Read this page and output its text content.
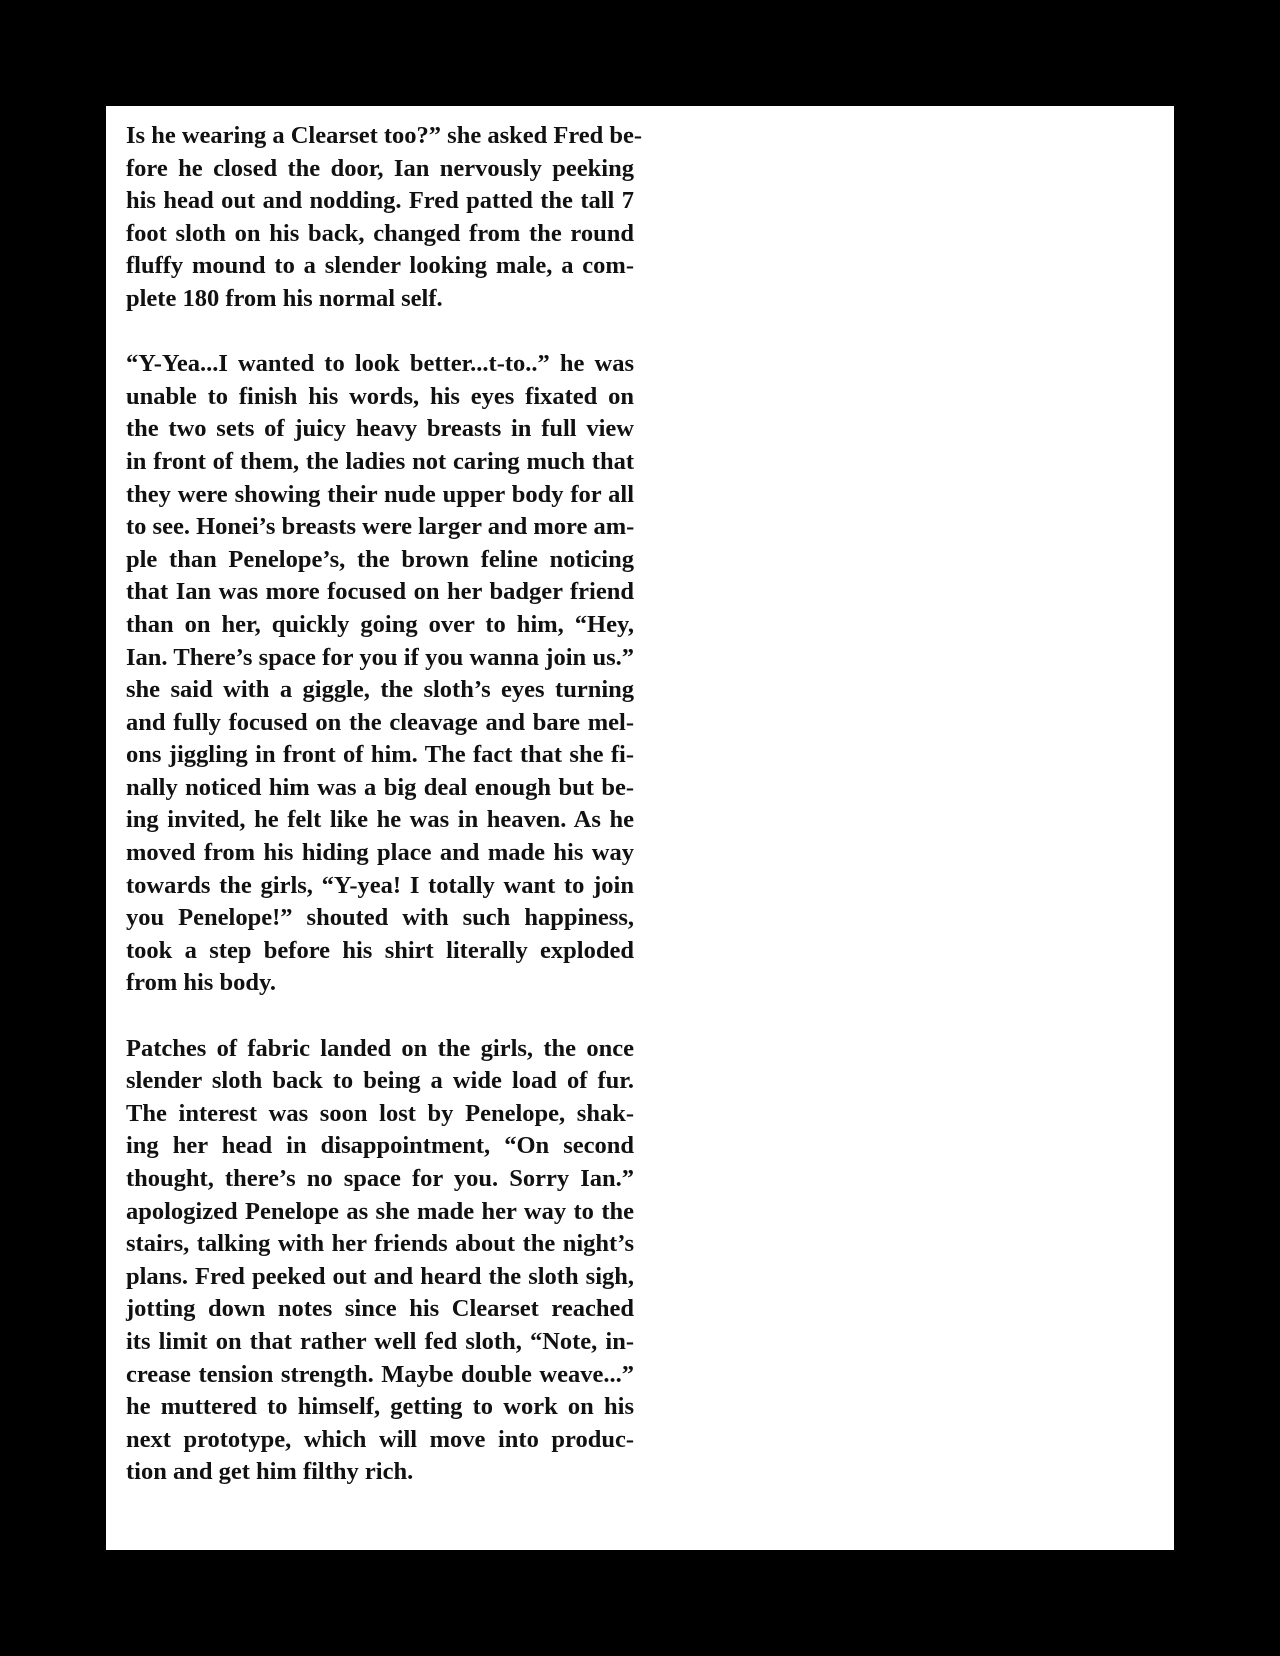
Is he wearing a Clearset too?” she asked Fred be-
fore he closed the door, Ian nervously peeking
his head out and nodding. Fred patted the tall 7
foot sloth on his back, changed from the round
fluffy mound to a slender looking male, a com-
plete 180 from his normal self.
“Y-Yea...I wanted to look better...t-to..” he was
unable to finish his words, his eyes fixated on
the two sets of juicy heavy breasts in full view
in front of them, the ladies not caring much that
they were showing their nude upper body for all
to see. Honei’s breasts were larger and more am-
ple than Penelope’s, the brown feline noticing
that Ian was more focused on her badger friend
than on her, quickly going over to him, “Hey,
Ian. There’s space for you if you wanna join us.”
she said with a giggle, the sloth’s eyes turning
and fully focused on the cleavage and bare mel-
ons jiggling in front of him. The fact that she fi-
nally noticed him was a big deal enough but be-
ing invited, he felt like he was in heaven. As he
moved from his hiding place and made his way
towards the girls, “Y-yea! I totally want to join
you Penelope!” shouted with such happiness,
took a step before his shirt literally exploded
from his body.
Patches of fabric landed on the girls, the once
slender sloth back to being a wide load of fur.
The interest was soon lost by Penelope, shak-
ing her head in disappointment, “On second
thought, there’s no space for you. Sorry Ian.”
apologized Penelope as she made her way to the
stairs, talking with her friends about the night’s
plans. Fred peeked out and heard the sloth sigh,
jotting down notes since his Clearset reached
its limit on that rather well fed sloth, “Note, in-
crease tension strength. Maybe double weave...”
he muttered to himself, getting to work on his
next prototype, which will move into produc-
tion and get him filthy rich.
